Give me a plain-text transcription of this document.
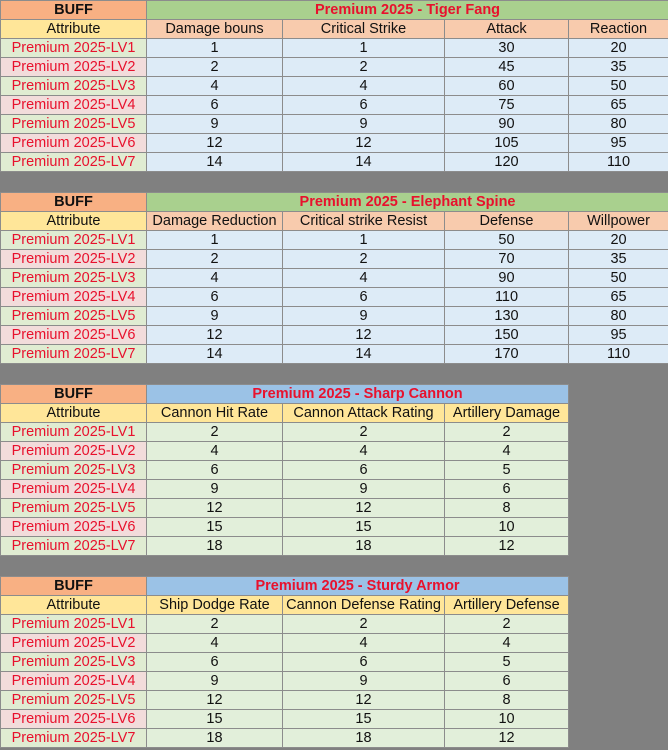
BUFF	Premium 2025 - Tiger Fang			
Attribute	Damage bouns	Critical Strike	Attack	Reaction
Premium 2025-LV1	1	1	30	20
Premium 2025-LV2	2	2	45	35
Premium 2025-LV3	4	4	60	50
Premium 2025-LV4	6	6	75	65
Premium 2025-LV5	9	9	90	80
Premium 2025-LV6	12	12	105	95
Premium 2025-LV7	14	14	120	110
BUFF	Premium 2025 - Elephant Spine			
Attribute	Damage Reduction	Critical strike Resist	Defense	Willpower
Premium 2025-LV1	1	1	50	20
Premium 2025-LV2	2	2	70	35
Premium 2025-LV3	4	4	90	50
Premium 2025-LV4	6	6	110	65
Premium 2025-LV5	9	9	130	80
Premium 2025-LV6	12	12	150	95
Premium 2025-LV7	14	14	170	110
BUFF	Premium 2025 - Sharp Cannon		
Attribute	Cannon Hit Rate	Cannon Attack Rating	Artillery Damage
Premium 2025-LV1	2	2	2
Premium 2025-LV2	4	4	4
Premium 2025-LV3	6	6	5
Premium 2025-LV4	9	9	6
Premium 2025-LV5	12	12	8
Premium 2025-LV6	15	15	10
Premium 2025-LV7	18	18	12
BUFF	Premium 2025 - Sturdy Armor		
Attribute	Ship Dodge Rate	Cannon Defense Rating	Artillery Defense
Premium 2025-LV1	2	2	2
Premium 2025-LV2	4	4	4
Premium 2025-LV3	6	6	5
Premium 2025-LV4	9	9	6
Premium 2025-LV5	12	12	8
Premium 2025-LV6	15	15	10
Premium 2025-LV7	18	18	12
